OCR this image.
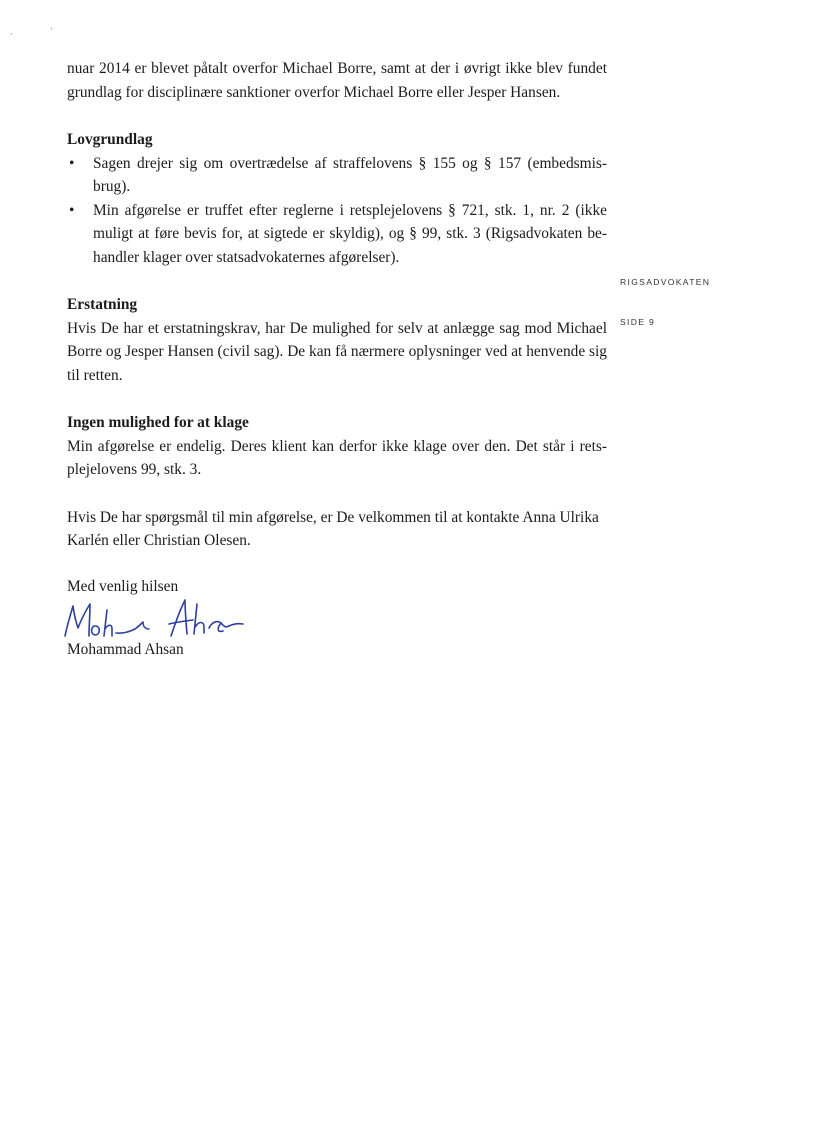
, '
RIGSADVOKATEN
SIDE 9

nuar 2014 er blevet påtalt overfor Michael Borre, samt at der i øvrigt ikke blev fundet grundlag for disciplinære sanktioner overfor Michael Borre eller Jesper Hansen.

Lovgrundlag

• Sagen drejer sig om overtrædelse af straffelovens § 155 og § 157 (embedsmis-brug).
• Min afgørelse er truffet efter reglerne i retsplejelovens § 721, stk. 1, nr. 2 (ikke muligt at føre bevis for, at sigtede er skyldig), og § 99, stk. 3 (Rigsadvokaten be-handler klager over statsadvokaternes afgørelser).

Erstatning

Hvis De har et erstatningskrav, har De mulighed for selv at anlægge sag mod Michael Borre og Jesper Hansen (civil sag). De kan få nærmere oplysninger ved at henvende sig til retten.

Ingen mulighed for at klage

Min afgørelse er endelig. Deres klient kan derfor ikke klage over den. Det står i rets-plejelovens 99, stk. 3.

Hvis De har spørgsmål til min afgørelse, er De velkommen til at kontakte Anna Ulrika Karlén eller Christian Olesen.

Med venlig hilsen

Mohammad Ahsan
